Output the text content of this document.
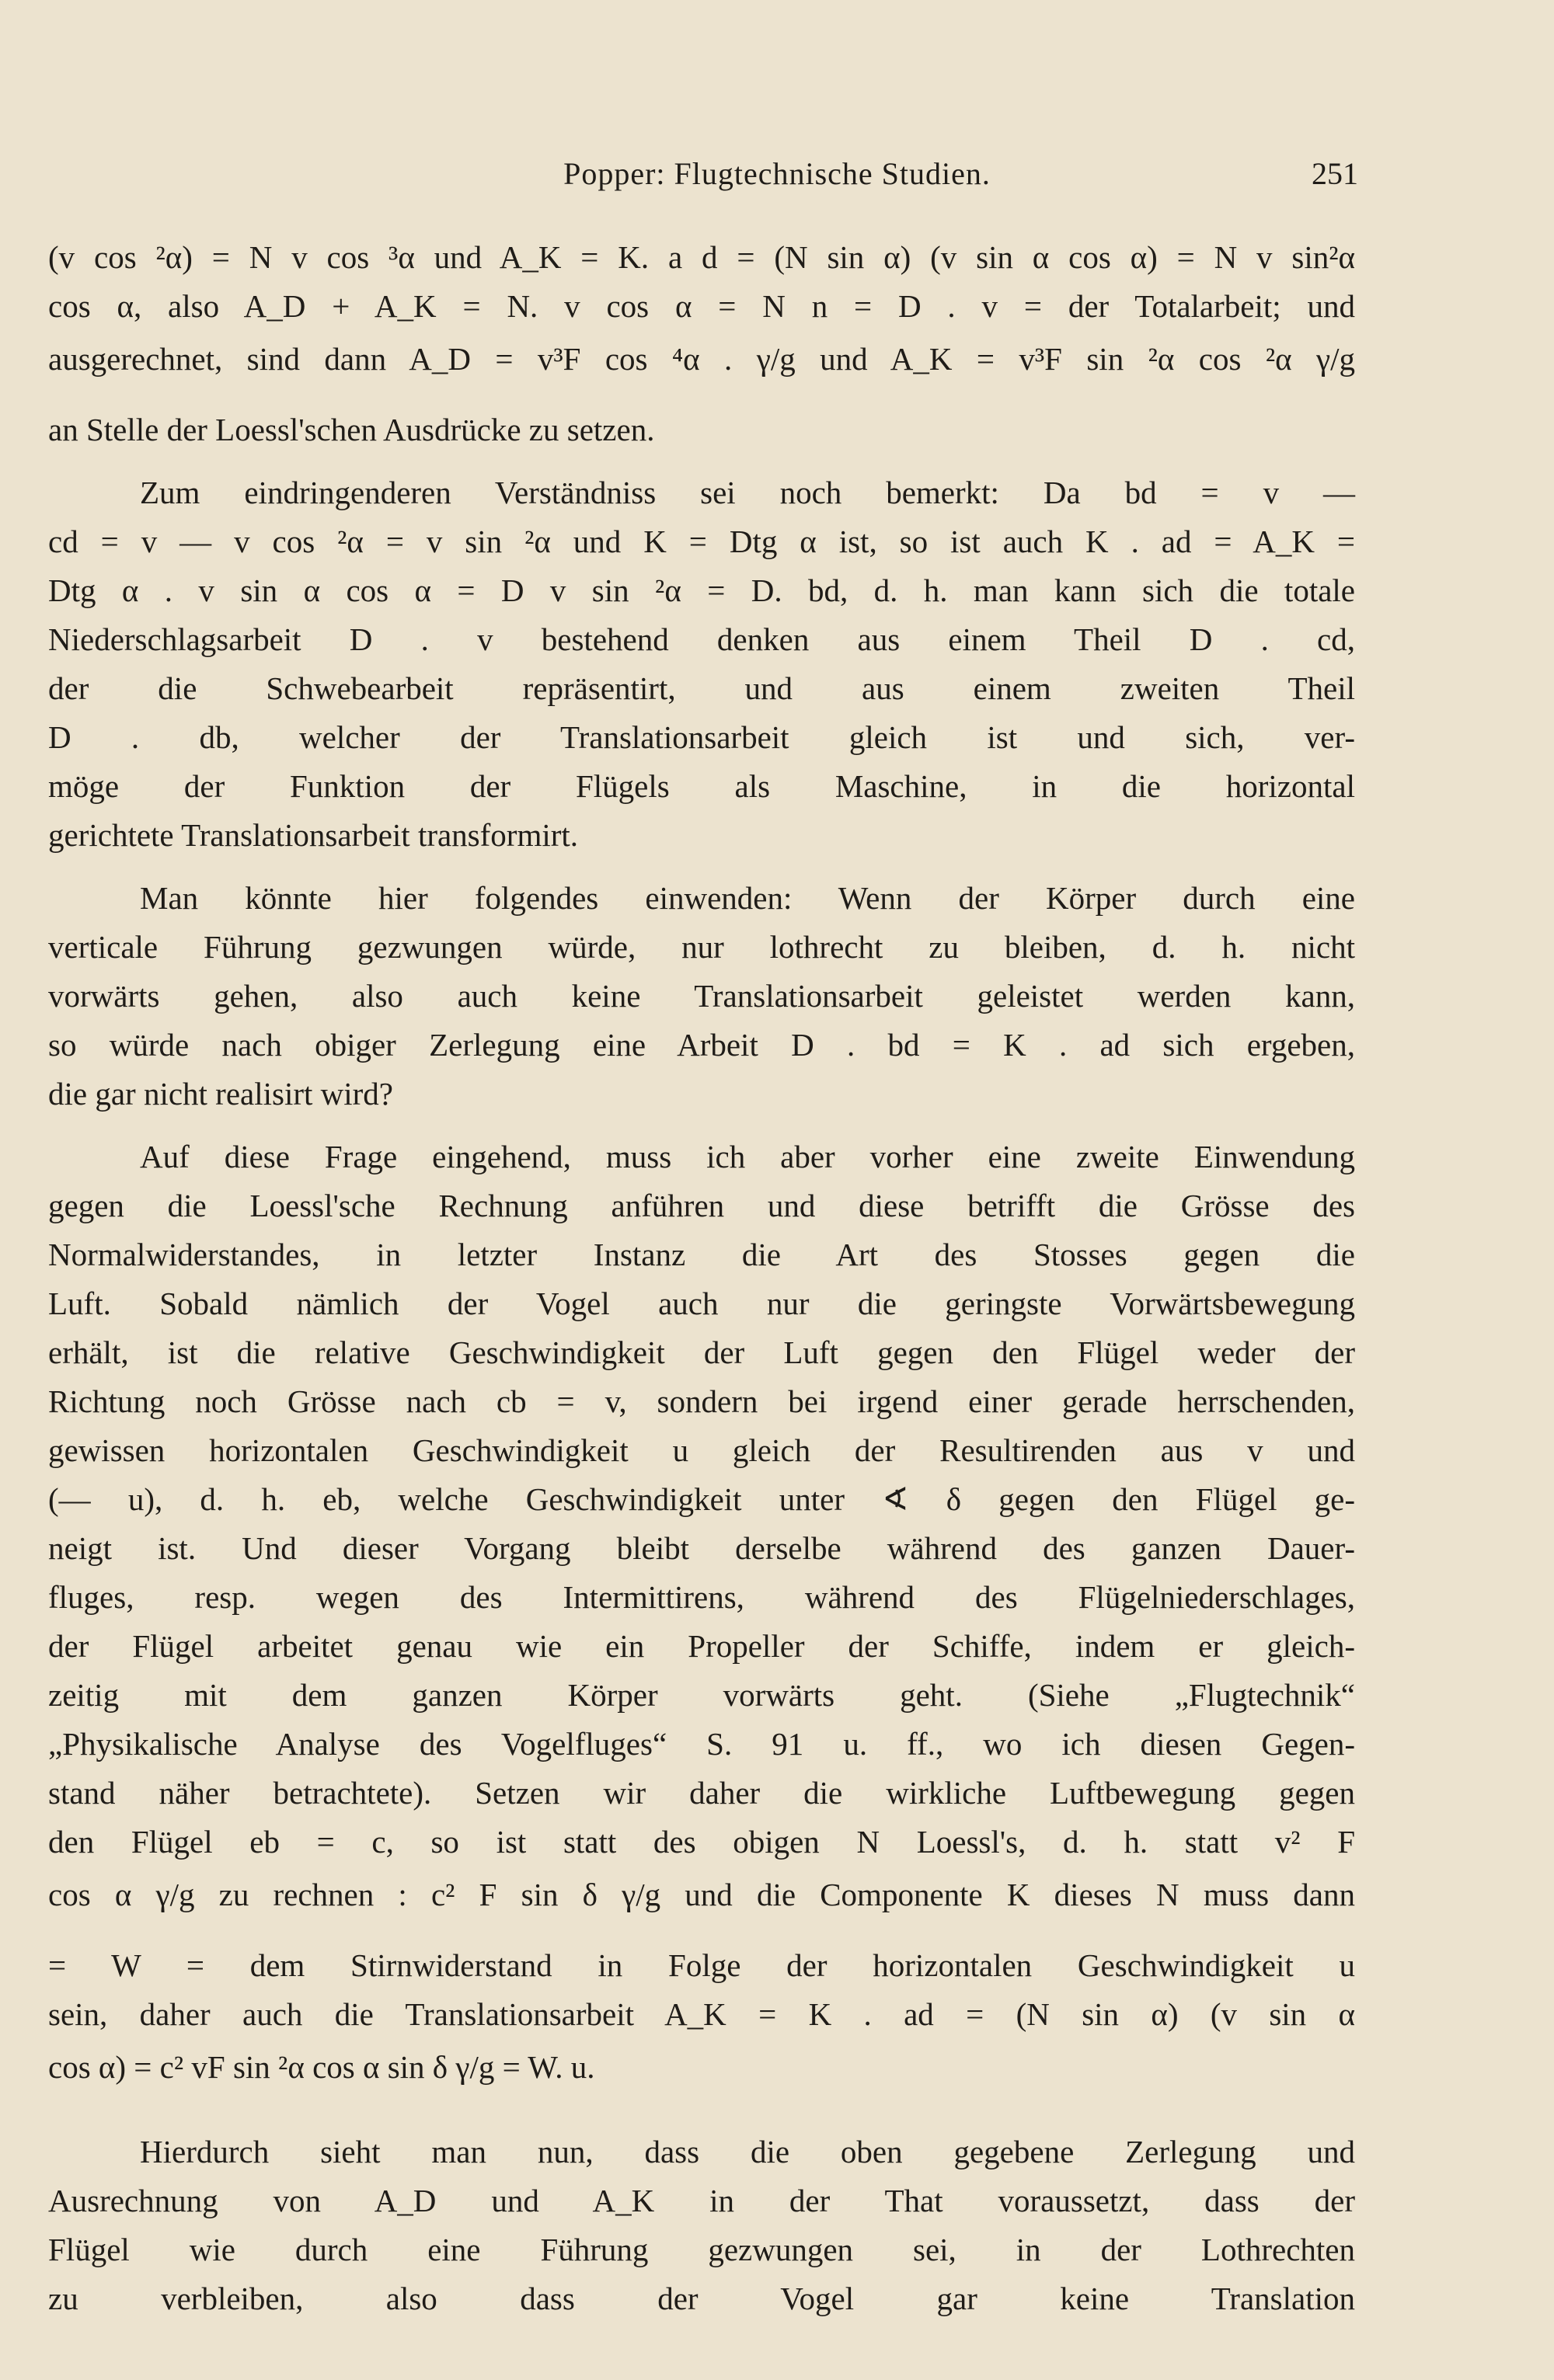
Popper: Flugtechnische Studien.	251
(v cos ²α) = N v cos ³α und A_K = K. a d = (N sin α) (v sin α cos α) = N v sin²α
cos α, also A_D + A_K = N. v cos α = N n = D . v = der Totalarbeit; und
ausgerechnet, sind dann A_D = v³F cos ⁴α . γ/g und A_K = v³F sin ²α cos ²α γ/g
an Stelle der Loessl'schen Ausdrücke zu setzen.
Zum eindringenderen Verständniss sei noch bemerkt: Da bd = v —
cd = v — v cos ²α = v sin ²α und K = Dtg α ist, so ist auch K . ad = A_K =
Dtg α . v sin α cos α = D v sin ²α = D. bd, d. h. man kann sich die totale
Niederschlagsarbeit D . v bestehend denken aus einem Theil D . cd,
der die Schwebearbeit repräsentirt, und aus einem zweiten Theil
D . db, welcher der Translationsarbeit gleich ist und sich, ver-
möge der Funktion der Flügels als Maschine, in die horizontal
gerichtete Translationsarbeit transformirt.
Man könnte hier folgendes einwenden: Wenn der Körper durch eine
verticale Führung gezwungen würde, nur lothrecht zu bleiben, d. h. nicht
vorwärts gehen, also auch keine Translationsarbeit geleistet werden kann,
so würde nach obiger Zerlegung eine Arbeit D . bd = K . ad sich ergeben,
die gar nicht realisirt wird?
Auf diese Frage eingehend, muss ich aber vorher eine zweite Einwendung
gegen die Loessl'sche Rechnung anführen und diese betrifft die Grösse des
Normalwiderstandes, in letzter Instanz die Art des Stosses gegen die
Luft. Sobald nämlich der Vogel auch nur die geringste Vorwärtsbewegung
erhält, ist die relative Geschwindigkeit der Luft gegen den Flügel weder der
Richtung noch Grösse nach cb = v, sondern bei irgend einer gerade herrschenden,
gewissen horizontalen Geschwindigkeit u gleich der Resultirenden aus v und
(— u), d. h. eb, welche Geschwindigkeit unter ∢ δ gegen den Flügel ge-
neigt ist. Und dieser Vorgang bleibt derselbe während des ganzen Dauer-
fluges, resp. wegen des Intermittirens, während des Flügelniederschlages,
der Flügel arbeitet genau wie ein Propeller der Schiffe, indem er gleich-
zeitig mit dem ganzen Körper vorwärts geht. (Siehe „Flugtechnik“
„Physikalische Analyse des Vogelfluges“ S. 91 u. ff., wo ich diesen Gegen-
stand näher betrachtete). Setzen wir daher die wirkliche Luftbewegung gegen
den Flügel eb = c, so ist statt des obigen N Loessl's, d. h. statt v² F
cos α γ/g zu rechnen : c² F sin δ γ/g und die Componente K dieses N muss dann
= W = dem Stirnwiderstand in Folge der horizontalen Geschwindigkeit u
sein, daher auch die Translationsarbeit A_K = K . ad = (N sin α) (v sin α
cos α) = c² vF sin ²α cos α sin δ γ/g = W. u.
Hierdurch sieht man nun, dass die oben gegebene Zerlegung und
Ausrechnung von A_D und A_K in der That voraussetzt, dass der
Flügel wie durch eine Führung gezwungen sei, in der Lothrechten
zu verbleiben, also dass der Vogel gar keine Translation
